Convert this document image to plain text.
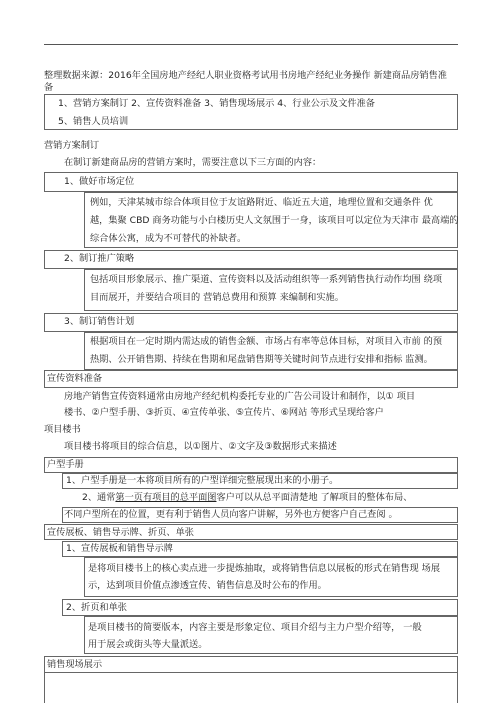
整理数据来源：2016年全国房地产经纪人职业资格考试用书房地产经纪业务操作 新建商品房销售准
备
1、营销方案制订 2、宣传资料准备 3、销售现场展示 4、行业公示及文件准备
5、销售人员培训
营销方案制订
在制订新建商品房的营销方案时，需要注意以下三方面的内容：
1、做好市场定位
例如，天津某城市综合体项目位于友谊路附近、临近五大道，地理位置和交通条件 优
越，集聚 CBD 商务功能与小白楼历史人文氛围于一身，该项目可以定位为天津市 最高端的
综合体公寓，成为不可替代的补缺者。
2、制订推广策略
包括项目形象展示、推广渠道、宣传资料以及活动组织等一系列销售执行动作均围 绕项
目而展开，并要结合项目的 营销总费用和预算 来编制和实施。
3、制订销售计划
根据项目在一定时期内需达成的销售金额、市场占有率等总体目标，对项目入市前 的预
热期、公开销售期、持续在售期和尾盘销售期等关键时间节点进行安排和指标 监测。
宣传资料准备
房地产销售宣传资料通常由房地产经纪机构委托专业的广告公司设计和制作，以① 项目
楼书、②户型手册、③折页、④宣传单张、⑤宣传片、⑥网站 等形式呈现给客户
项目楼书
项目楼书将项目的综合信息，以①图片、②文字及③数据形式来描述
户型手册
1、户型手册是一本将项目所有的户型详细完整展现出来的小册子。
2、通常第一页有项目的总平面图客户可以从总平面清楚地 了解项目的整体布局、
不同户型所在的位置，更有利于销售人员向客户讲解，另外也方便客户自己查阅 。
宣传展板、销售导示牌、折页、单张
1、宣传展板和销售导示牌
是将项目楼书上的核心卖点进一步提炼抽取，或将销售信息以展板的形式在销售现 场展
示，达到项目价值点渗透宣传、销售信息及时公布的作用。
2、折页和单张
是项目楼书的简要版本，内容主要是形象定位、项目介绍与主力户型介绍等， 一般
用于展会或街头等大量派送。
销售现场展示
